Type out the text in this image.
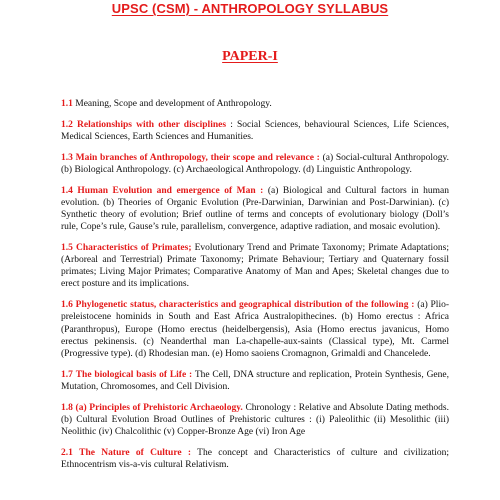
UPSC (CSM) - ANTHROPOLOGY SYLLABUS
PAPER-I

1.1 Meaning, Scope and development of Anthropology.

1.2 Relationships with other disciplines : Social Sciences, behavioural Sciences, Life Sciences, Medical Sciences, Earth Sciences and Humanities.

1.3 Main branches of Anthropology, their scope and relevance : (a) Social-cultural Anthropology. (b) Biological Anthropology. (c) Archaeological Anthropology. (d) Linguistic Anthropology.

1.4 Human Evolution and emergence of Man : (a) Biological and Cultural factors in human evolution. (b) Theories of Organic Evolution (Pre-Darwinian, Darwinian and Post-Darwinian). (c) Synthetic theory of evolution; Brief outline of terms and concepts of evolutionary biology (Doll’s rule, Cope’s rule, Gause’s rule, parallelism, convergence, adaptive radiation, and mosaic evolution).

1.5 Characteristics of Primates; Evolutionary Trend and Primate Taxonomy; Primate Adaptations; (Arboreal and Terrestrial) Primate Taxonomy; Primate Behaviour; Tertiary and Quaternary fossil primates; Living Major Primates; Comparative Anatomy of Man and Apes; Skeletal changes due to erect posture and its implications.

1.6 Phylogenetic status, characteristics and geographical distribution of the following : (a) Plio-preleistocene hominids in South and East Africa Australopithecines. (b) Homo erectus : Africa (Paranthropus), Europe (Homo erectus (heidelbergensis), Asia (Homo erectus javanicus, Homo erectus pekinensis. (c) Neanderthal man La-chapelle-aux-saints (Classical type), Mt. Carmel (Progressive type). (d) Rhodesian man. (e) Homo saoiens Cromagnon, Grimaldi and Chancelede.

1.7 The biological basis of Life : The Cell, DNA structure and replication, Protein Synthesis, Gene, Mutation, Chromosomes, and Cell Division.

1.8 (a) Principles of Prehistoric Archaeology. Chronology : Relative and Absolute Dating methods. (b) Cultural Evolution Broad Outlines of Prehistoric cultures : (i) Paleolithic (ii) Mesolithic (iii) Neolithic (iv) Chalcolithic (v) Copper-Bronze Age (vi) Iron Age

2.1 The Nature of Culture : The concept and Characteristics of culture and civilization; Ethnocentrism vis-a-vis cultural Relativism.
